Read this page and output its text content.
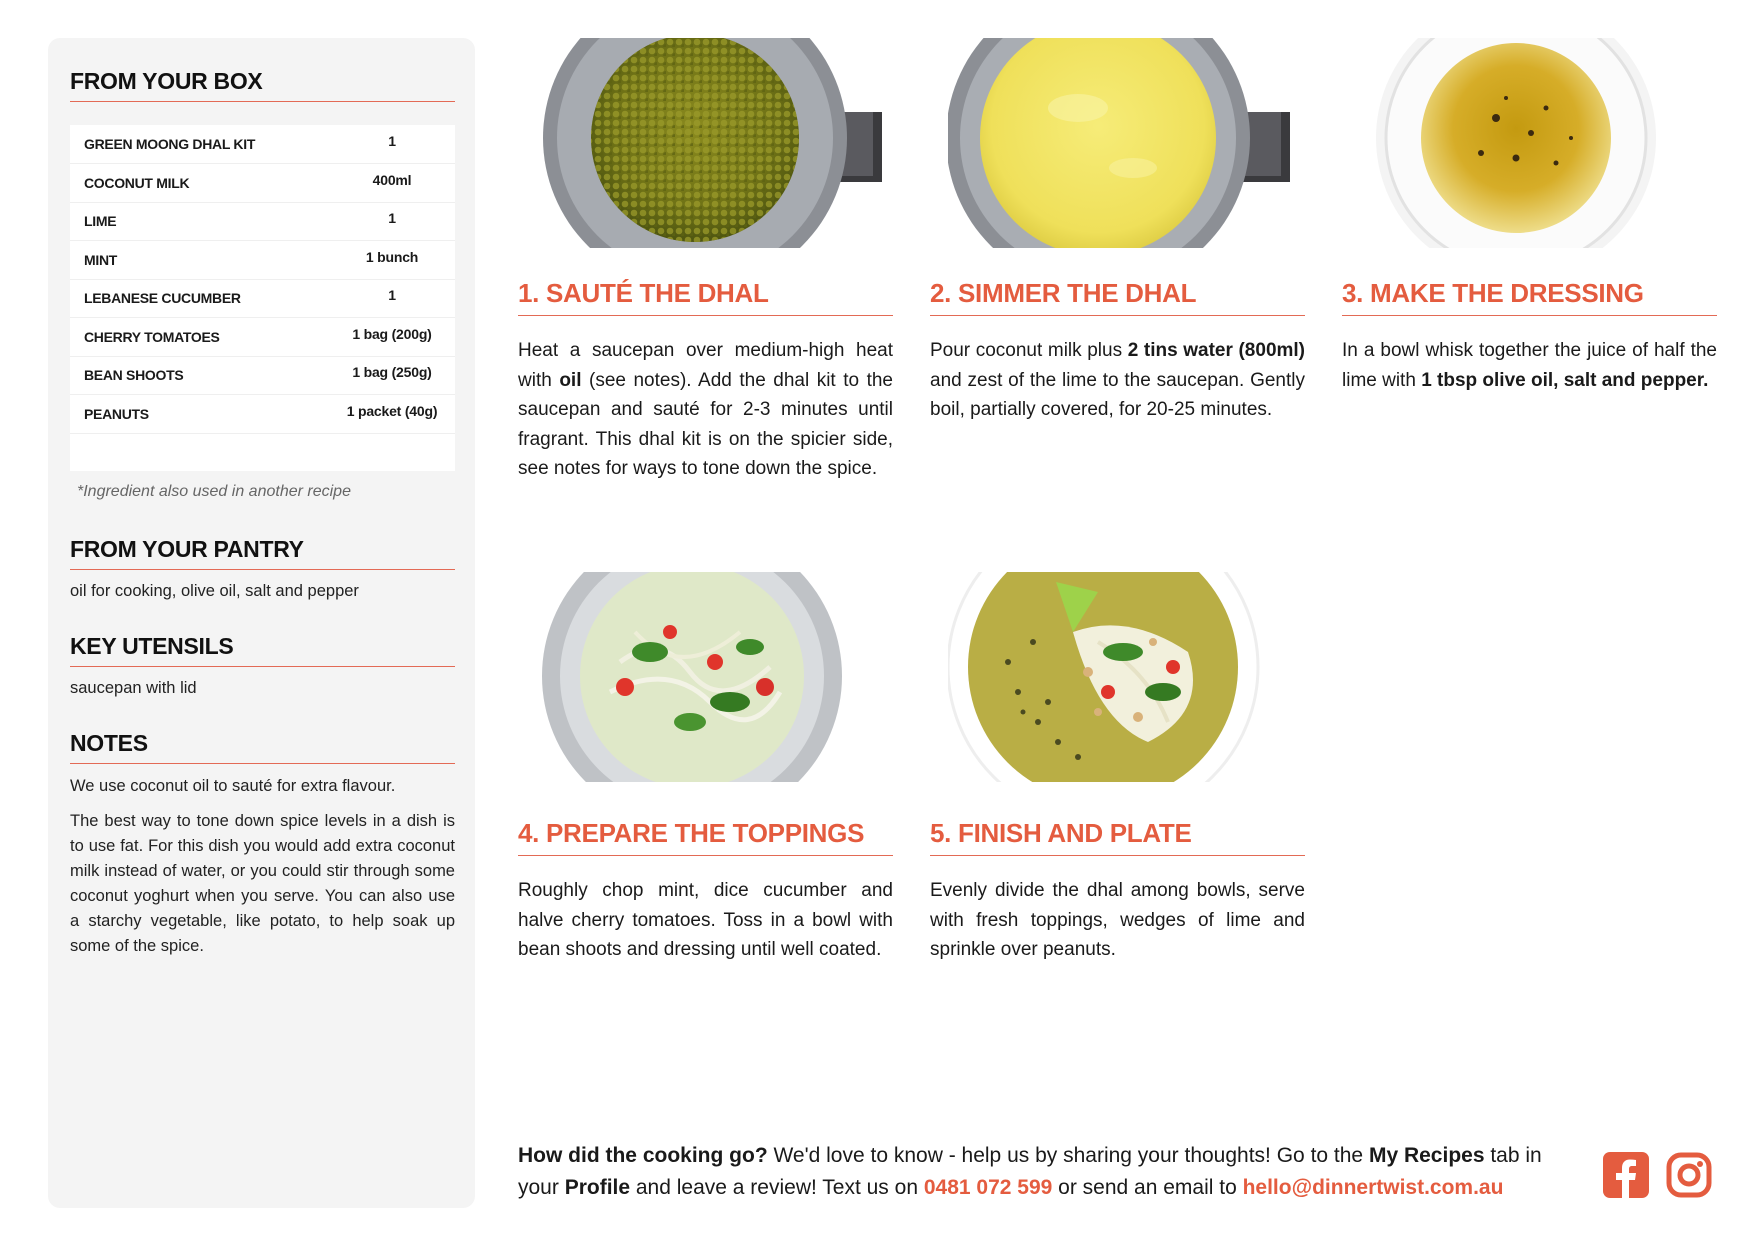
FROM YOUR BOX
GREEN MOONG DHAL KIT	1
COCONUT MILK	400ml
LIME	1
MINT	1 bunch
LEBANESE CUCUMBER	1
CHERRY TOMATOES	1 bag (200g)
BEAN SHOOTS	1 bag (250g)
PEANUTS	1 packet (40g)
*Ingredient also used in another recipe
FROM YOUR PANTRY
oil for cooking, olive oil, salt and pepper
KEY UTENSILS
saucepan with lid
NOTES
We use coconut oil to sauté for extra flavour.
The best way to tone down spice levels in a dish is to use fat. For this dish you would add extra coconut milk instead of water, or you could stir through some coconut yoghurt when you serve. You can also use a starchy vegetable, like potato, to help soak up some of the spice.
1. SAUTÉ THE DHAL
Heat a saucepan over medium-high heat with oil (see notes). Add the dhal kit to the saucepan and sauté for 2-3 minutes until fragrant. This dhal kit is on the spicier side, see notes for ways to tone down the spice.
2. SIMMER THE DHAL
Pour coconut milk plus 2 tins water (800ml) and zest of the lime to the saucepan. Gently boil, partially covered, for 20-25 minutes.
3. MAKE THE DRESSING
In a bowl whisk together the juice of half the lime with 1 tbsp olive oil, salt and pepper.
4. PREPARE THE TOPPINGS
Roughly chop mint, dice cucumber and halve cherry tomatoes. Toss in a bowl with bean shoots and dressing until well coated.
5. FINISH AND PLATE
Evenly divide the dhal among bowls, serve with fresh toppings, wedges of lime and sprinkle over peanuts.
How did the cooking go? We'd love to know - help us by sharing your thoughts! Go to the My Recipes tab in your Profile and leave a review! Text us on 0481 072 599 or send an email to hello@dinnertwist.com.au
